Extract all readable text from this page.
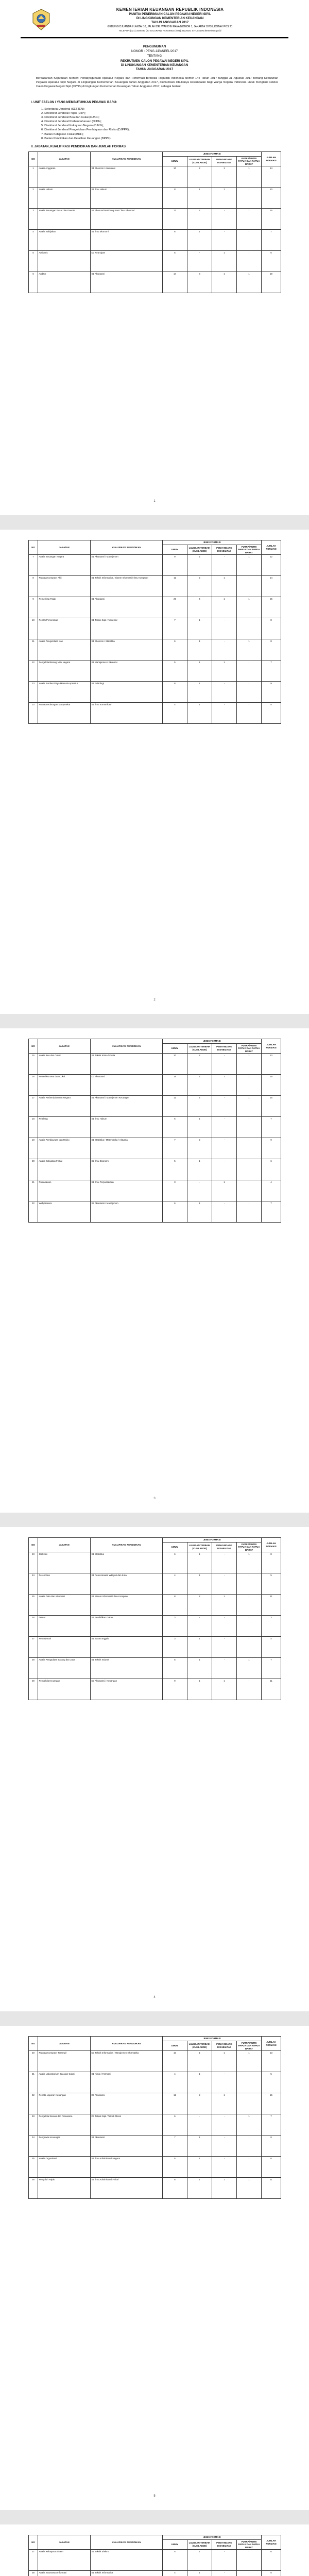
KEMENTERIAN KEUANGAN REPUBLIK INDONESIA
PANITIA PENERIMAAN CALON PEGAWAI NEGERI SIPIL
DI LINGKUNGAN KEMENTERIAN KEUANGAN
TAHUN ANGGARAN 2017
GEDUNG DJUANDA I LANTAI 10, JALAN DR. WAHIDIN RAYA NOMOR 1, JAKARTA 10710; KOTAK POS 21
TELEPON (021) 3449230 (20 SALURAN); FAKSIMILE (021) 3522026; SITUS www.kemenkeu.go.id
PENGUMUMAN
NOMOR : PENG-1/PANPEL/2017
TENTANG
REKRUTMEN CALON PEGAWAI NEGERI SIPIL
DI LINGKUNGAN KEMENTERIAN KEUANGAN
TAHUN ANGGARAN 2017
Berdasarkan Keputusan Menteri Pendayagunaan Aparatur Negara dan Reformasi Birokrasi Republik Indonesia Nomor 144 Tahun 2017 tanggal 31 Agustus 2017 tentang Kebutuhan Pegawai Aparatur Sipil Negara di Lingkungan Kementerian Keuangan Tahun Anggaran 2017, diumumkan dibukanya kesempatan bagi Warga Negara Indonesia untuk mengikuti seleksi Calon Pegawai Negeri Sipil (CPNS) di lingkungan Kementerian Keuangan Tahun Anggaran 2017, sebagai berikut:
I. UNIT ESELON I YANG MEMBUTUHKAN PEGAWAI BARU:
1. Sekretariat Jenderal (SETJEN);
2. Direktorat Jenderal Pajak (DJP);
3. Direktorat Jenderal Bea dan Cukai (DJBC);
4. Direktorat Jenderal Perbendaharaan (DJPb);
5. Direktorat Jenderal Kekayaan Negara (DJKN);
6. Direktorat Jenderal Pengelolaan Pembiayaan dan Risiko (DJPPR);
7. Badan Kebijakan Fiskal (BKF);
8. Badan Pendidikan dan Pelatihan Keuangan (BPPK).
II. JABATAN, KUALIFIKASI PENDIDIKAN DAN JUMLAH FORMASI
NO	JABATAN	KUALIFIKASI PENDIDIKAN	JENIS FORMASI				JUMLAH FORMASI
			UMUM	LULUSAN TERBAIK (CUMLAUDE)	PENYANDANG DISABILITAS	PUTRA/PUTRI PAPUA DAN PAPUA BARAT	
1	Analis Anggaran	S1 Ekonomi / Akuntansi	10	2	1	1	14
2	Analis Hukum	S1 Ilmu Hukum	8	1	1	-	10
3	Analis Keuangan Pusat dan Daerah	S1 Ekonomi Pembangunan / Ilmu Ekonomi	12	2	-	1	15
4	Analis Kebijakan	S1 Ilmu Ekonomi	6	1	-	-	7
5	Arsiparis	D3 Kearsipan	5	-	1	-	6
6	Auditor	S1 Akuntansi	14	3	1	1	19
1
NO	JABATAN	KUALIFIKASI PENDIDIKAN	JENIS FORMASI				JUMLAH FORMASI
			UMUM	LULUSAN TERBAIK (CUMLAUDE)	PENYANDANG DISABILITAS	PUTRA/PUTRI PAPUA DAN PAPUA BARAT	
7	Analis Keuangan Negara	S1 Akuntansi / Manajemen	9	2	-	1	12
8	Pranata Komputer Ahli	S1 Teknik Informatika / Sistem Informasi / Ilmu Komputer	11	2	1	-	14
9	Pemeriksa Pajak	S1 Akuntansi	20	4	1	1	26
10	Penilai Pemerintah	S1 Teknik Sipil / Arsitektur	7	1	-	-	8
11	Analis Pengelolaan Kas	S1 Ekonomi / Statistika	6	1	-	1	8
12	Pengelola Barang Milik Negara	S1 Manajemen / Ekonomi	5	1	1	-	7
13	Analis Sumber Daya Manusia Aparatur	S1 Psikologi	8	1	-	-	9
14	Pranata Hubungan Masyarakat	S1 Ilmu Komunikasi	4	1	-	-	5
2
NO	JABATAN	KUALIFIKASI PENDIDIKAN	JENIS FORMASI				JUMLAH FORMASI
			UMUM	LULUSAN TERBAIK (CUMLAUDE)	PENYANDANG DISABILITAS	PUTRA/PUTRI PAPUA DAN PAPUA BARAT	
15	Analis Bea dan Cukai	S1 Teknik Kimia / Kimia	10	2	-	1	13
16	Pemeriksa Bea dan Cukai	D3 Akuntansi	15	2	1	1	19
17	Analis Perbendaharaan Negara	S1 Akuntansi / Manajemen Keuangan	12	2	-	1	15
18	Pelelang	S1 Ilmu Hukum	6	1	-	-	7
19	Analis Pembiayaan dan Risiko	S1 Statistika / Matematika / Aktuaria	7	2	-	-	9
20	Analis Kebijakan Fiskal	S2 Ilmu Ekonomi	5	1	-	-	6
21	Pustakawan	S1 Ilmu Perpustakaan	3	-	1	-	4
22	Widyaiswara	S2 Akuntansi / Manajemen	6	1	-	-	7
3
NO	JABATAN	KUALIFIKASI PENDIDIKAN	JENIS FORMASI				JUMLAH FORMASI
			UMUM	LULUSAN TERBAIK (CUMLAUDE)	PENYANDANG DISABILITAS	PUTRA/PUTRI PAPUA DAN PAPUA BARAT	
23	Statistisi	S1 Statistika	6	1	-	1	8
24	Perencana	S1 Perencanaan Wilayah dan Kota	4	1	-	-	5
25	Analis Data dan Informasi	S1 Sistem Informasi / Ilmu Komputer	8	2	1	-	11
26	Dokter	S1 Pendidikan Dokter	3	-	-	-	3
27	Penerjemah	S1 Sastra Inggris	3	1	-	-	4
28	Analis Pengadaan Barang dan Jasa	S1 Teknik Industri	5	1	-	1	7
29	Pengelola Keuangan	D3 Akuntansi / Keuangan	9	1	1	-	11
4
NO	JABATAN	KUALIFIKASI PENDIDIKAN	JENIS FORMASI				JUMLAH FORMASI
			UMUM	LULUSAN TERBAIK (CUMLAUDE)	PENYANDANG DISABILITAS	PUTRA/PUTRI PAPUA DAN PAPUA BARAT	
30	Pranata Komputer Terampil	D3 Teknik Informatika / Manajemen Informatika	10	1	1	1	13
31	Analis Laboratorium Bea dan Cukai	S1 Kimia / Farmasi	4	1	-	-	5
32	Penata Laporan Keuangan	D3 Akuntansi	12	2	1	-	15
33	Pengelola Sarana dan Prasarana	D3 Teknik Sipil / Teknik Mesin	6	-	-	1	7
34	Pengawas Keuangan	S1 Akuntansi	7	1	-	-	8
35	Analis Organisasi	S1 Ilmu Administrasi Negara	5	1	-	-	6
36	Penyuluh Pajak	S1 Ilmu Administrasi Fiskal	8	1	1	1	11
5
NO	JABATAN	KUALIFIKASI PENDIDIKAN	JENIS FORMASI				JUMLAH FORMASI
			UMUM	LULUSAN TERBAIK (CUMLAUDE)	PENYANDANG DISABILITAS	PUTRA/PUTRI PAPUA DAN PAPUA BARAT	
37	Analis Rekayasa Sistem	S1 Teknik Elektro	5	1	-	-	6
38	Analis Keamanan Informasi	S1 Teknik Informatika	4	1	-	-	5
